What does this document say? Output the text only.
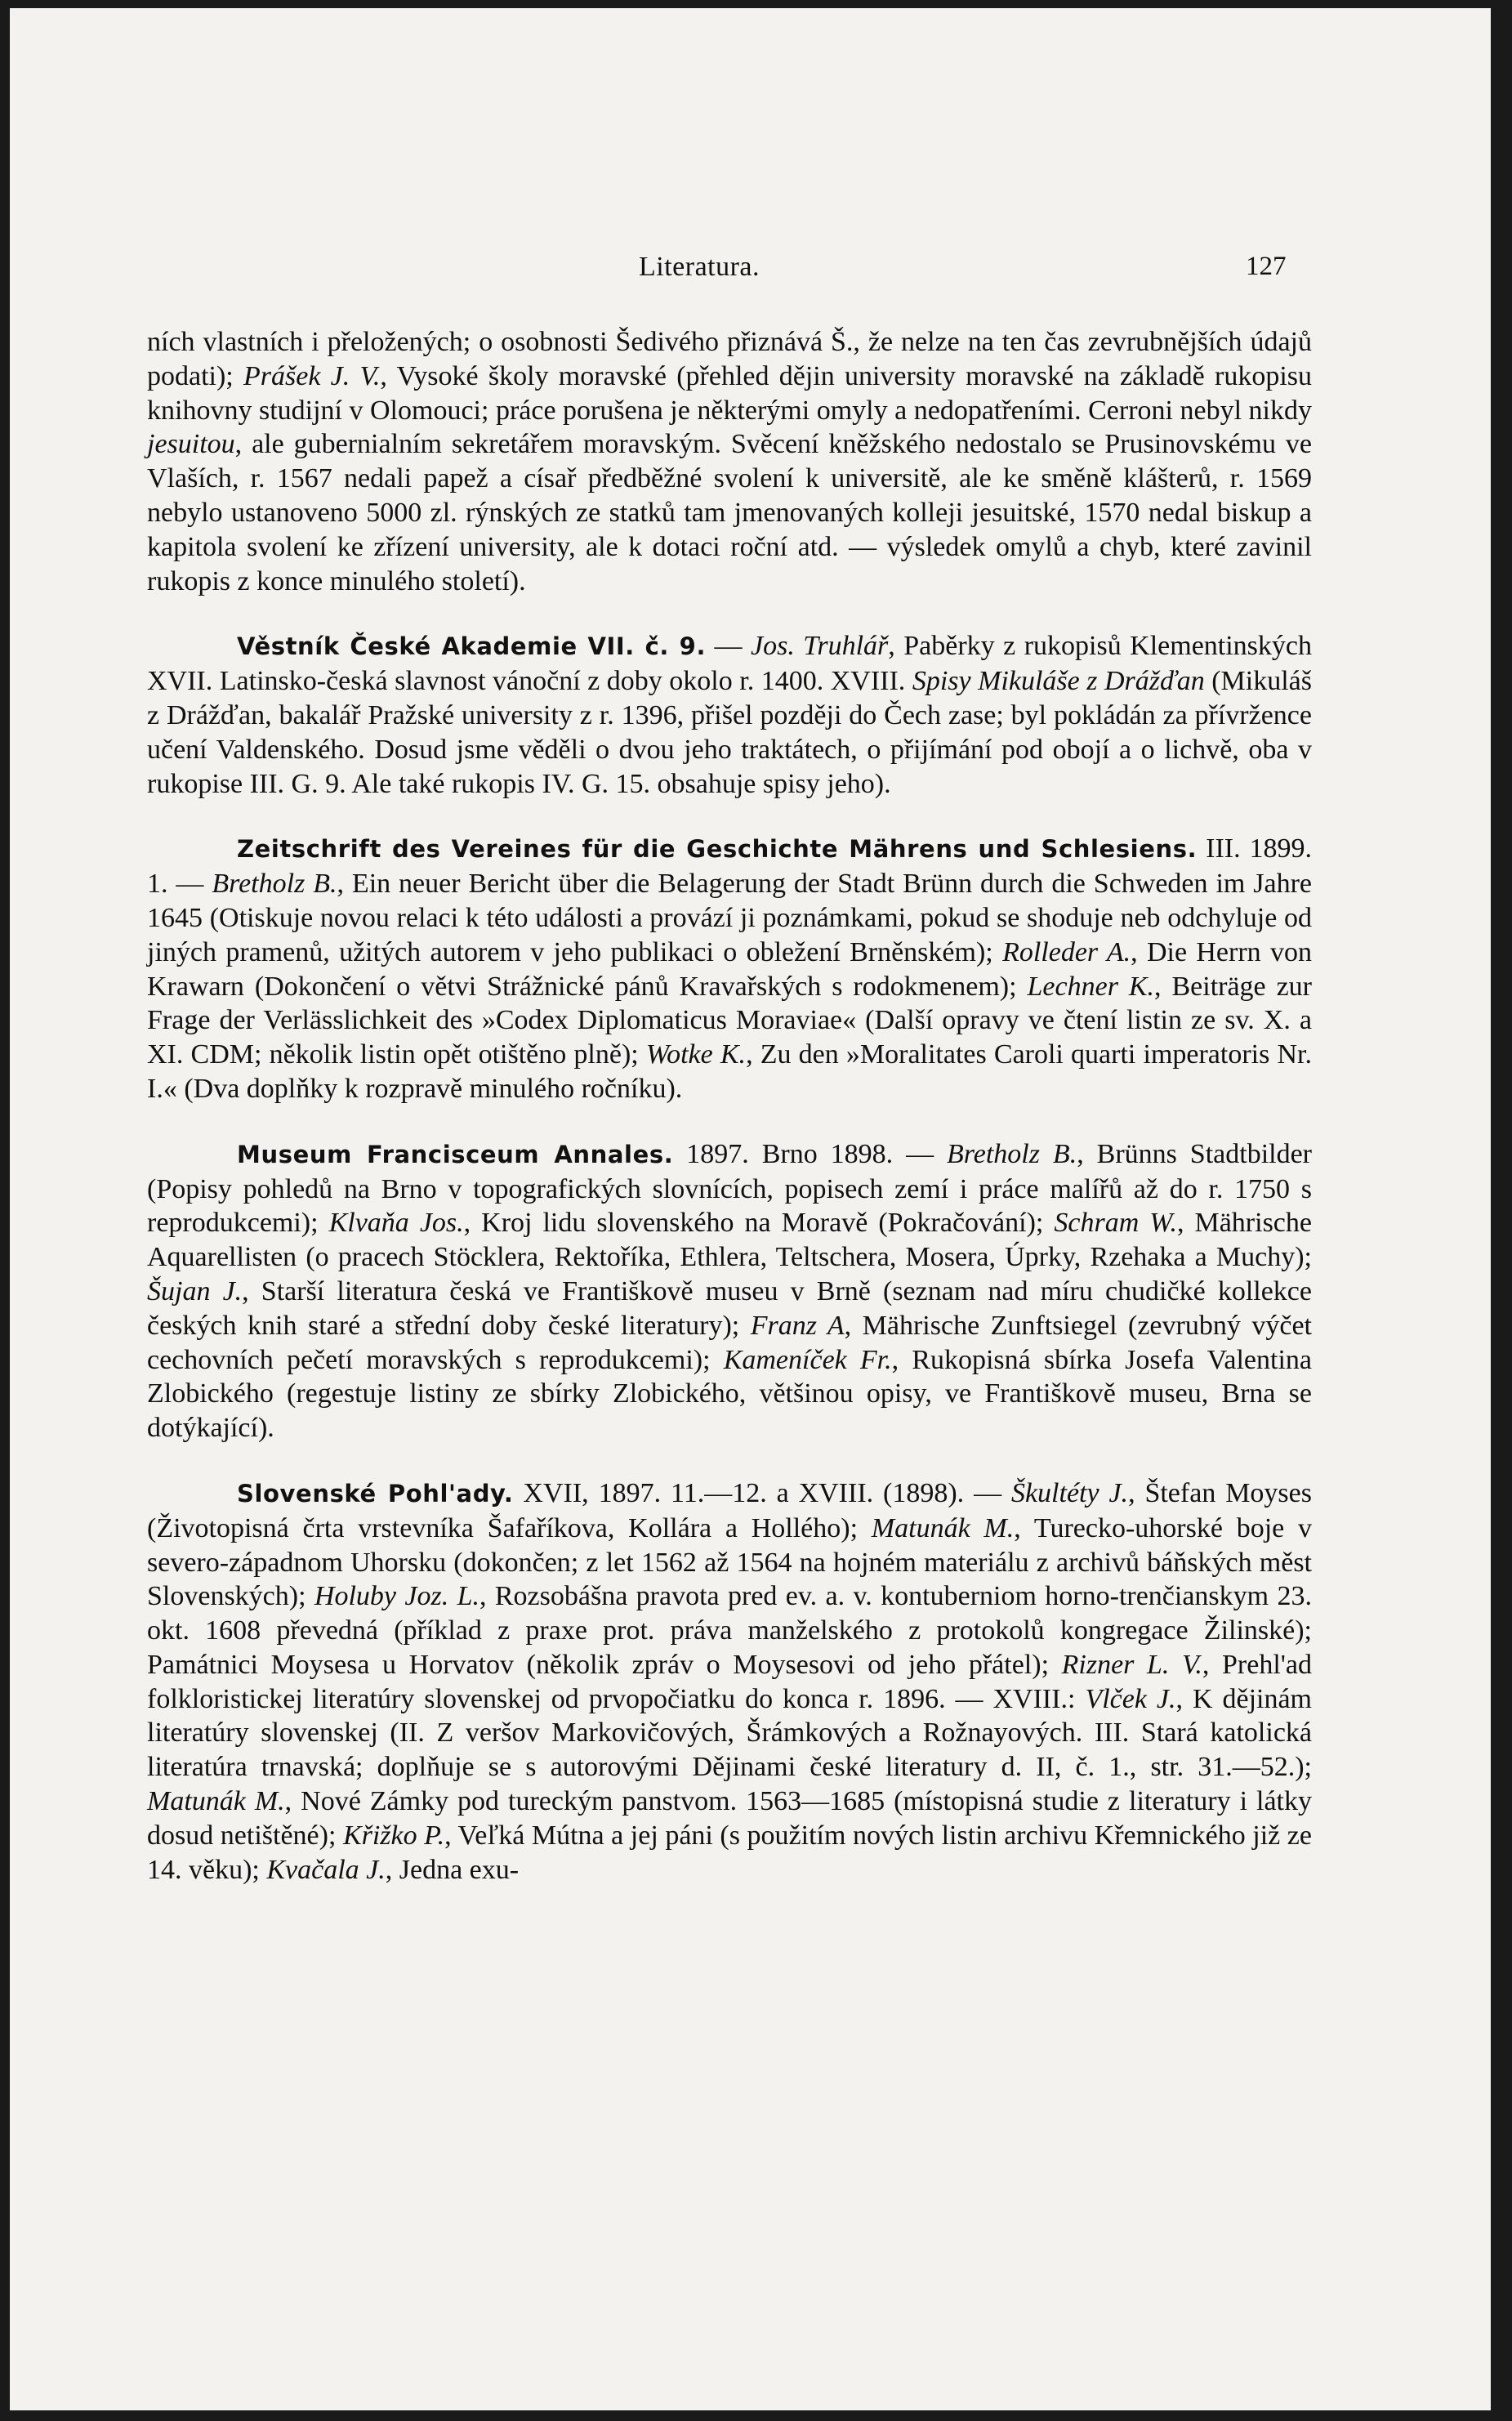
Literatura.	127

ních vlastních i přeložených; o osobnosti Šedivého přiznává Š., že nelze na ten čas zevrubnějších údajů podati); Prášek J. V., Vysoké školy moravské (přehled dějin university moravské na základě rukopisu knihovny studijní v Olomouci; práce porušena je některými omyly a nedopatřeními. Cerroni nebyl nikdy jesuitou, ale gubernialním sekretářem moravským. Svěcení kněžského nedostalo se Prusinovskému ve Vlaších, r. 1567 nedali papež a císař předběžné svolení k universitě, ale ke směně klášterů, r. 1569 nebylo ustanoveno 5000 zl. rýnských ze statků tam jmenovaných kolleji jesuitské, 1570 nedal biskup a kapitola svolení ke zřízení university, ale k dotaci roční atd. — výsledek omylů a chyb, které zavinil rukopis z konce minulého století).

Věstník České Akademie VII. č. 9. — Jos. Truhlář, Paběrky z rukopisů Klementinských XVII. Latinsko-česká slavnost vánoční z doby okolo r. 1400. XVIII. Spisy Mikuláše z Drážďan (Mikuláš z Drážďan, bakalář Pražské university z r. 1396, přišel později do Čech zase; byl pokládán za přívržence učení Valdenského. Dosud jsme věděli o dvou jeho traktátech, o přijímání pod obojí a o lichvě, oba v rukopise III. G. 9. Ale také rukopis IV. G. 15. obsahuje spisy jeho).

Zeitschrift des Vereines für die Geschichte Mährens und Schlesiens. III. 1899. 1. — Bretholz B., Ein neuer Bericht über die Belagerung der Stadt Brünn durch die Schweden im Jahre 1645 (Otiskuje novou relaci k této události a provází ji poznámkami, pokud se shoduje neb odchyluje od jiných pramenů, užitých autorem v jeho publikaci o obležení Brněnském); Rolleder A., Die Herrn von Krawarn (Dokončení o větvi Strážnické pánů Kravařských s rodokmenem); Lechner K., Beiträge zur Frage der Verlässlichkeit des »Codex Diplomaticus Moraviae« (Další opravy ve čtení listin ze sv. X. a XI. CDM; několik listin opět otištěno plně); Wotke K., Zu den »Moralitates Caroli quarti imperatoris Nr. I.« (Dva doplňky k rozpravě minulého ročníku).

Museum Francisceum Annales. 1897. Brno 1898. — Bretholz B., Brünns Stadtbilder (Popisy pohledů na Brno v topografických slovnících, popisech zemí i práce malířů až do r. 1750 s reprodukcemi); Klvaňa Jos., Kroj lidu slovenského na Moravě (Pokračování); Schram W., Mährische Aquarellisten (o pracech Stöcklera, Rektoříka, Ethlera, Teltschera, Mosera, Úprky, Rzehaka a Muchy); Šujan J., Starší literatura česká ve Františkově museu v Brně (seznam nad míru chudičké kollekce českých knih staré a střední doby české literatury); Franz A, Mährische Zunftsiegel (zevrubný výčet cechovních pečetí moravských s reprodukcemi); Kameníček Fr., Rukopisná sbírka Josefa Valentina Zlobického (regestuje listiny ze sbírky Zlobického, většinou opisy, ve Františkově museu, Brna se dotýkající).

Slovenské Pohl'ady. XVII, 1897. 11.—12. a XVIII. (1898). — Škultéty J., Štefan Moyses (Životopisná črta vrstevníka Šafaříkova, Kollára a Hollého); Matunák M., Turecko-uhorské boje v severo-západnom Uhorsku (dokončen; z let 1562 až 1564 na hojném materiálu z archivů báňských měst Slovenských); Holuby Joz. L., Rozsobášna pravota pred ev. a. v. kontuberniom horno-trenčianskym 23. okt. 1608 převedná (příklad z praxe prot. práva manželského z protokolů kongregace Žilinské); Památnici Moysesa u Horvatov (několik zpráv o Moysesovi od jeho přátel); Rizner L. V., Prehl'ad folkloristickej literatúry slovenskej od prvopočiatku do konca r. 1896. — XVIII.: Vlček J., K dějinám literatúry slovenskej (II. Z veršov Markovičových, Šrámkových a Rožnayových. III. Stará katolická literatúra trnavská; doplňuje se s autorovými Dějinami české literatury d. II, č. 1., str. 31.—52.); Matunák M., Nové Zámky pod tureckým panstvom. 1563—1685 (místopisná studie z literatury i látky dosud netištěné); Křižko P., Veľká Mútna a jej páni (s použitím nových listin archivu Křemnického již ze 14. věku); Kvačala J., Jedna exu-
